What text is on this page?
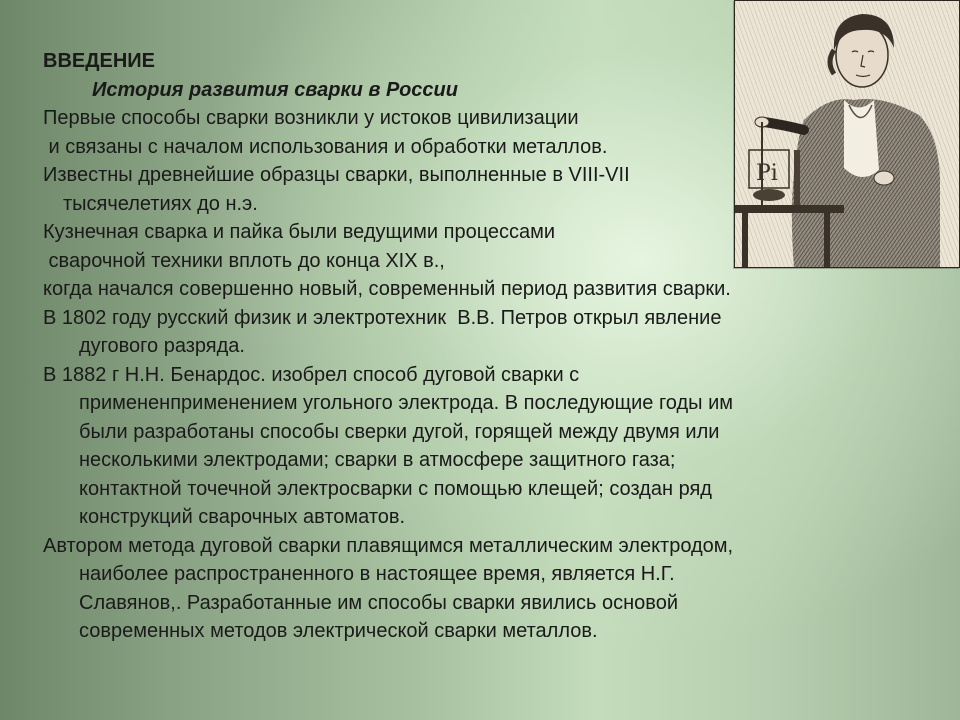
Pi

ВВЕДЕНИЕ

История развития сварки в России

Первые способы сварки возникли у истоков цивилизации

и связаны с началом использования и обработки металлов.

Известны древнейшие образцы сварки, выполненные в VIII-VII

тысячелетиях до н.э.

Кузнечная сварка и пайка были ведущими процессами

сварочной техники вплоть до конца XIX в.,

когда начался совершенно новый, современный период развития сварки.

В 1802 году русский физик и электротехник  В.В. Петров открыл явление

дугового разряда.

В 1882 г Н.Н. Бенардос. изобрел способ дуговой сварки с

примененприменением угольного электрода. В последующие годы им

были разработаны способы сверки дугой, горящей между двумя или

несколькими электродами; сварки в атмосфере защитного газа;

контактной точечной электросварки с помощью клещей; создан ряд

конструкций сварочных автоматов.

Автором метода дуговой сварки плавящимся металлическим электродом,

наиболее распространенного в настоящее время, является Н.Г.

Славянов,. Разработанные им способы сварки явились основой

современных методов электрической сварки металлов.
